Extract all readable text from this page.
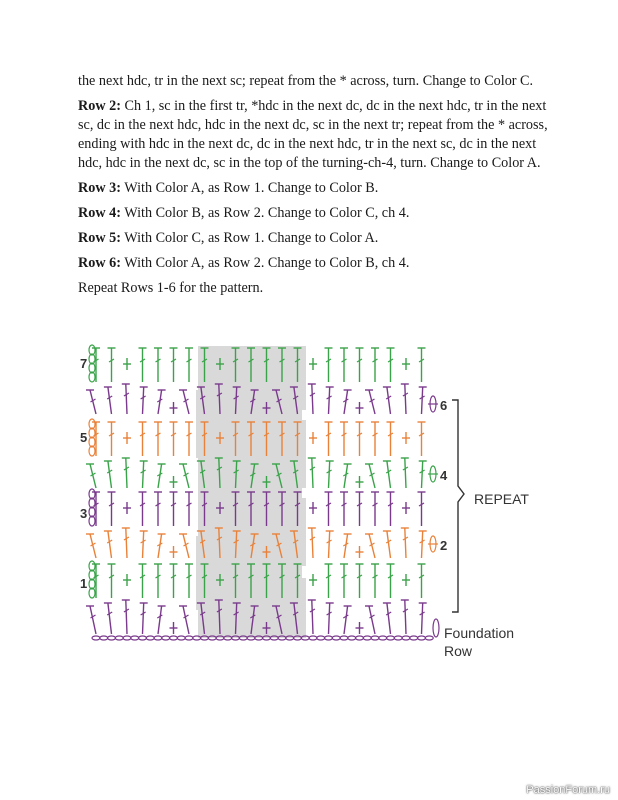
the next hdc, tr in the next sc; repeat from the * across, turn. Change to Color C.

Row 2: Ch 1, sc in the first tr, *hdc in the next dc, dc in the next hdc, tr in the next sc, dc in the next hdc, hdc in the next dc, sc in the next tr; repeat from the * across, ending with hdc in the next dc, dc in the next hdc, tr in the next sc, dc in the next hdc, hdc in the next dc, sc in the top of the turning-ch-4, turn. Change to Color A.

Row 3: With Color A, as Row 1. Change to Color B.

Row 4: With Color B, as Row 2. Change to Color C, ch 4.

Row 5: With Color C, as Row 1. Change to Color A.

Row 6: With Color A, as Row 2. Change to Color B, ch 4.

Repeat Rows 1-6 for the pattern.

7
5
3
1
6
4
2
REPEAT
Foundation
Row
PassionForum.ru
